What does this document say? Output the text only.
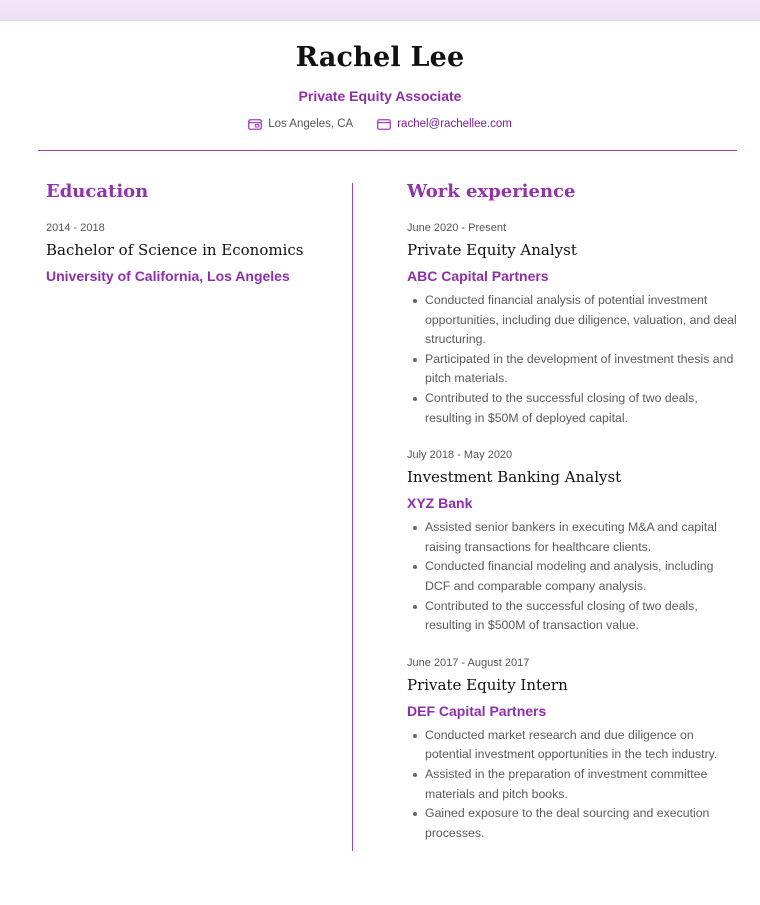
Rachel Lee
Private Equity Associate
Los Angeles, CA	rachel@rachellee.com
Education
2014 - 2018
Bachelor of Science in Economics
University of California, Los Angeles
Work experience
June 2020 - Present
Private Equity Analyst
ABC Capital Partners
Conducted financial analysis of potential investment opportunities, including due diligence, valuation, and deal structuring.
Participated in the development of investment thesis and pitch materials.
Contributed to the successful closing of two deals, resulting in $50M of deployed capital.
July 2018 - May 2020
Investment Banking Analyst
XYZ Bank
Assisted senior bankers in executing M&A and capital raising transactions for healthcare clients.
Conducted financial modeling and analysis, including DCF and comparable company analysis.
Contributed to the successful closing of two deals, resulting in $500M of transaction value.
June 2017 - August 2017
Private Equity Intern
DEF Capital Partners
Conducted market research and due diligence on potential investment opportunities in the tech industry.
Assisted in the preparation of investment committee materials and pitch books.
Gained exposure to the deal sourcing and execution processes.
